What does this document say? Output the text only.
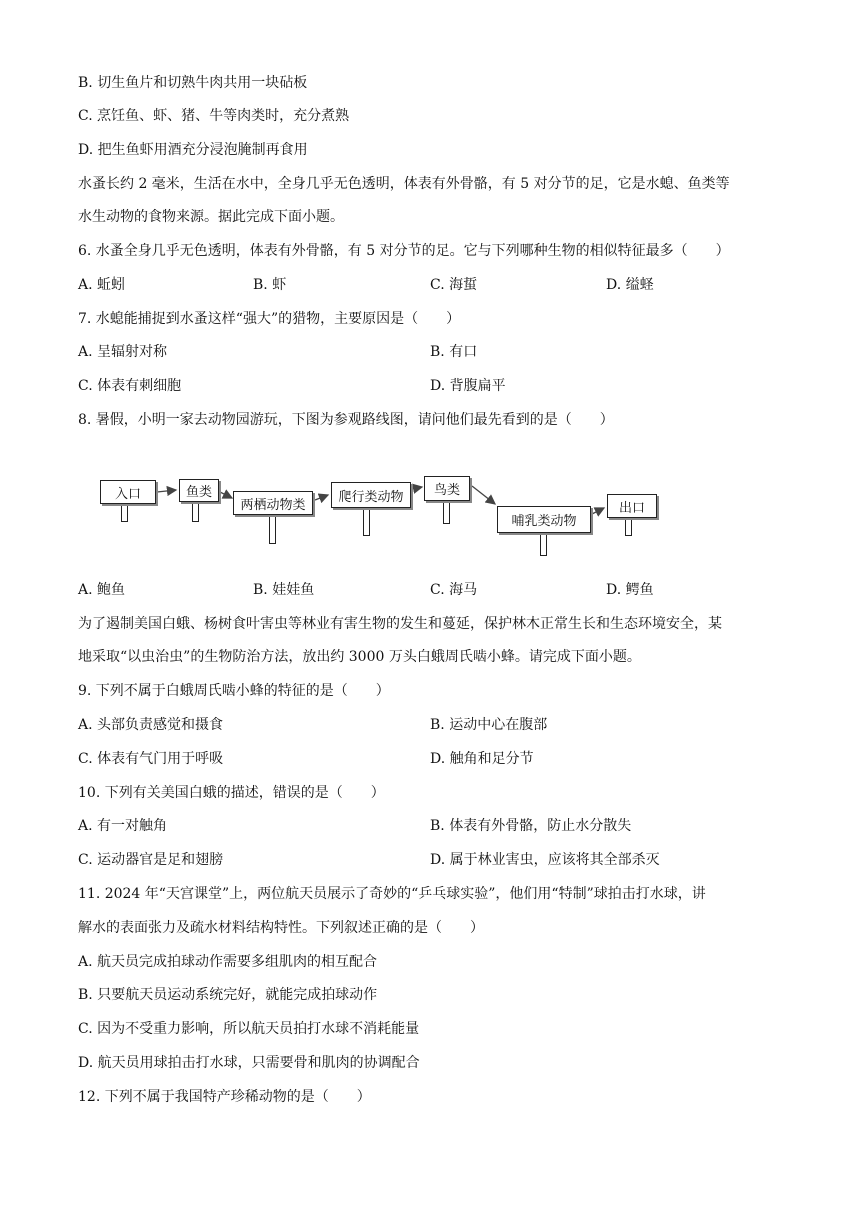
B. 切生鱼片和切熟牛肉共用一块砧板
C. 烹饪鱼、虾、猪、牛等肉类时，充分煮熟
D. 把生鱼虾用酒充分浸泡腌制再食用
水蚤长约 2 毫米，生活在水中，全身几乎无色透明，体表有外骨骼，有 5 对分节的足，它是水螅、鱼类等
水生动物的食物来源。据此完成下面小题。
6. 水蚤全身几乎无色透明，体表有外骨骼，有 5 对分节的足。它与下列哪种生物的相似特征最多（　　）
A. 蚯蚓	B. 虾	C. 海蜇	D. 缢蛏
7. 水螅能捕捉到水蚤这样“强大”的猎物，主要原因是（　　）
A. 呈辐射对称	B. 有口
C. 体表有刺细胞	D. 背腹扁平
8. 暑假，小明一家去动物园游玩，下图为参观路线图，请问他们最先看到的是（　　）
入口	鱼类
两栖动物类
爬行类动物	鸟类
哺乳类动物
出口
A. 鲍鱼	B. 娃娃鱼	C. 海马	D. 鳄鱼
为了遏制美国白蛾、杨树食叶害虫等林业有害生物的发生和蔓延，保护林木正常生长和生态环境安全，某
地采取“以虫治虫”的生物防治方法，放出约 3000 万头白蛾周氏啮小蜂。请完成下面小题。
9. 下列不属于白蛾周氏啮小蜂的特征的是（　　）
A. 头部负责感觉和摄食	B. 运动中心在腹部
C. 体表有气门用于呼吸	D. 触角和足分节
10. 下列有关美国白蛾的描述，错误的是（　　）
A. 有一对触角	B. 体表有外骨骼，防止水分散失
C. 运动器官是足和翅膀	D. 属于林业害虫，应该将其全部杀灭
11. 2024 年“天宫课堂”上，两位航天员展示了奇妙的“乒乓球实验”，他们用“特制”球拍击打水球，讲
解水的表面张力及疏水材料结构特性。下列叙述正确的是（　　）
A. 航天员完成拍球动作需要多组肌肉的相互配合
B. 只要航天员运动系统完好，就能完成拍球动作
C. 因为不受重力影响，所以航天员拍打水球不消耗能量
D. 航天员用球拍击打水球，只需要骨和肌肉的协调配合
12. 下列不属于我国特产珍稀动物的是（　　）
